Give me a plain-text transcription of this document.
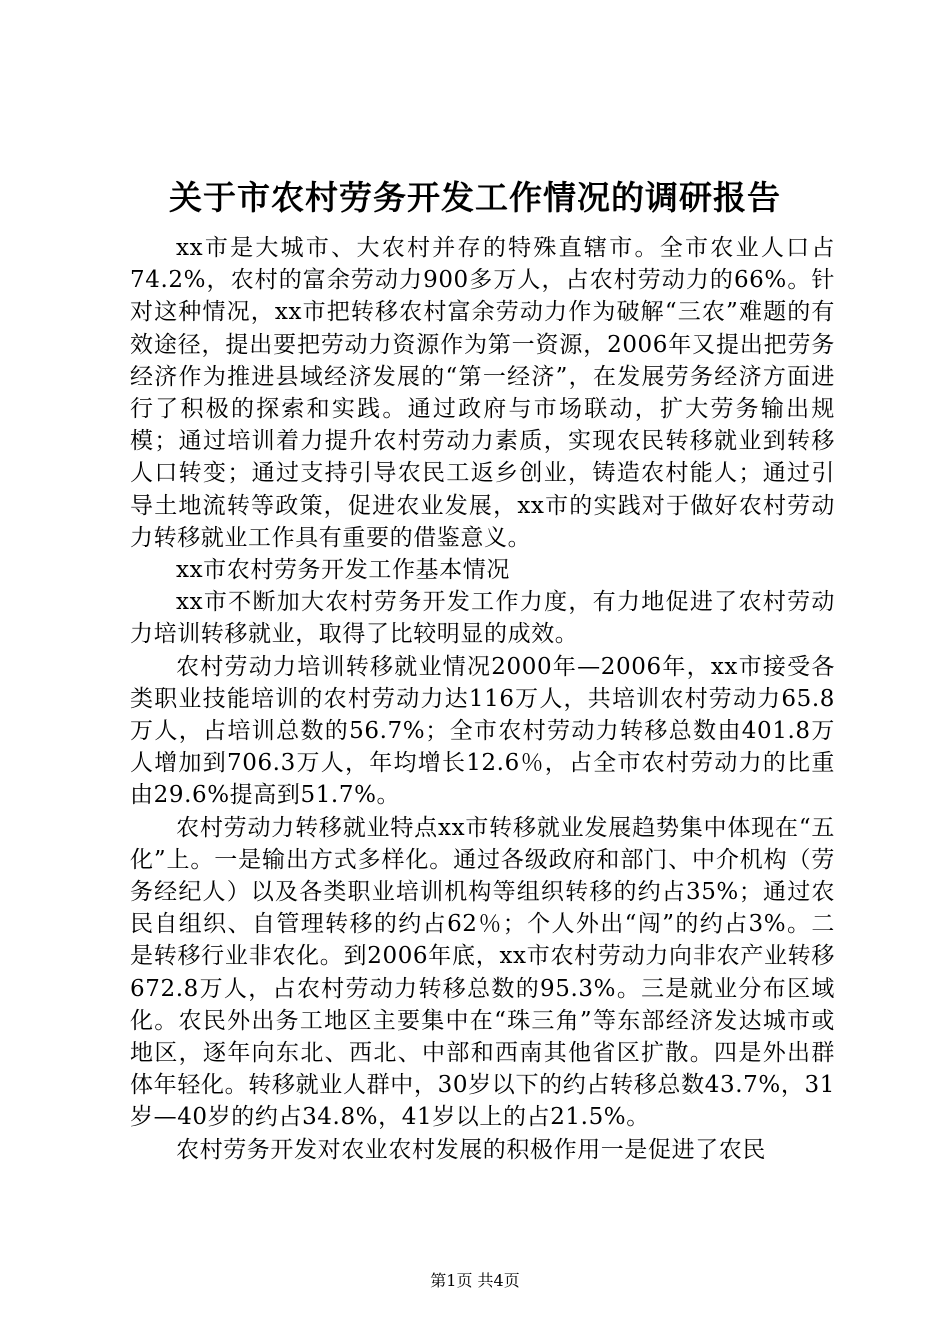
关于市农村劳务开发工作情况的调研报告

xx市是大城市、大农村并存的特殊直辖市。全市农业人口占74.2%，农村的富余劳动力900多万人，占农村劳动力的66%。针对这种情况，xx市把转移农村富余劳动力作为破解“三农”难题的有效途径，提出要把劳动力资源作为第一资源，2006年又提出把劳务经济作为推进县域经济发展的“第一经济”，在发展劳务经济方面进行了积极的探索和实践。通过政府与市场联动，扩大劳务输出规模；通过培训着力提升农村劳动力素质，实现农民转移就业到转移人口转变；通过支持引导农民工返乡创业，铸造农村能人；通过引导土地流转等政策，促进农业发展，xx市的实践对于做好农村劳动力转移就业工作具有重要的借鉴意义。

xx市农村劳务开发工作基本情况

xx市不断加大农村劳务开发工作力度，有力地促进了农村劳动力培训转移就业，取得了比较明显的成效。

农村劳动力培训转移就业情况2000年—2006年，xx市接受各类职业技能培训的农村劳动力达116万人，共培训农村劳动力65.8万人，占培训总数的56.7%；全市农村劳动力转移总数由401.8万人增加到706.3万人，年均增长12.6％，占全市农村劳动力的比重由29.6%提高到51.7%。

农村劳动力转移就业特点xx市转移就业发展趋势集中体现在“五化”上。一是输出方式多样化。通过各级政府和部门、中介机构（劳务经纪人）以及各类职业培训机构等组织转移的约占35%；通过农民自组织、自管理转移的约占62％；个人外出“闯”的约占3%。二是转移行业非农化。到2006年底，xx市农村劳动力向非农产业转移672.8万人，占农村劳动力转移总数的95.3%。三是就业分布区域化。农民外出务工地区主要集中在“珠三角”等东部经济发达城市或地区，逐年向东北、西北、中部和西南其他省区扩散。四是外出群体年轻化。转移就业人群中，30岁以下的约占转移总数43.7%，31岁—40岁的约占34.8%，41岁以上的占21.5%。

农村劳务开发对农业农村发展的积极作用一是促进了农民

第1页 共4页
